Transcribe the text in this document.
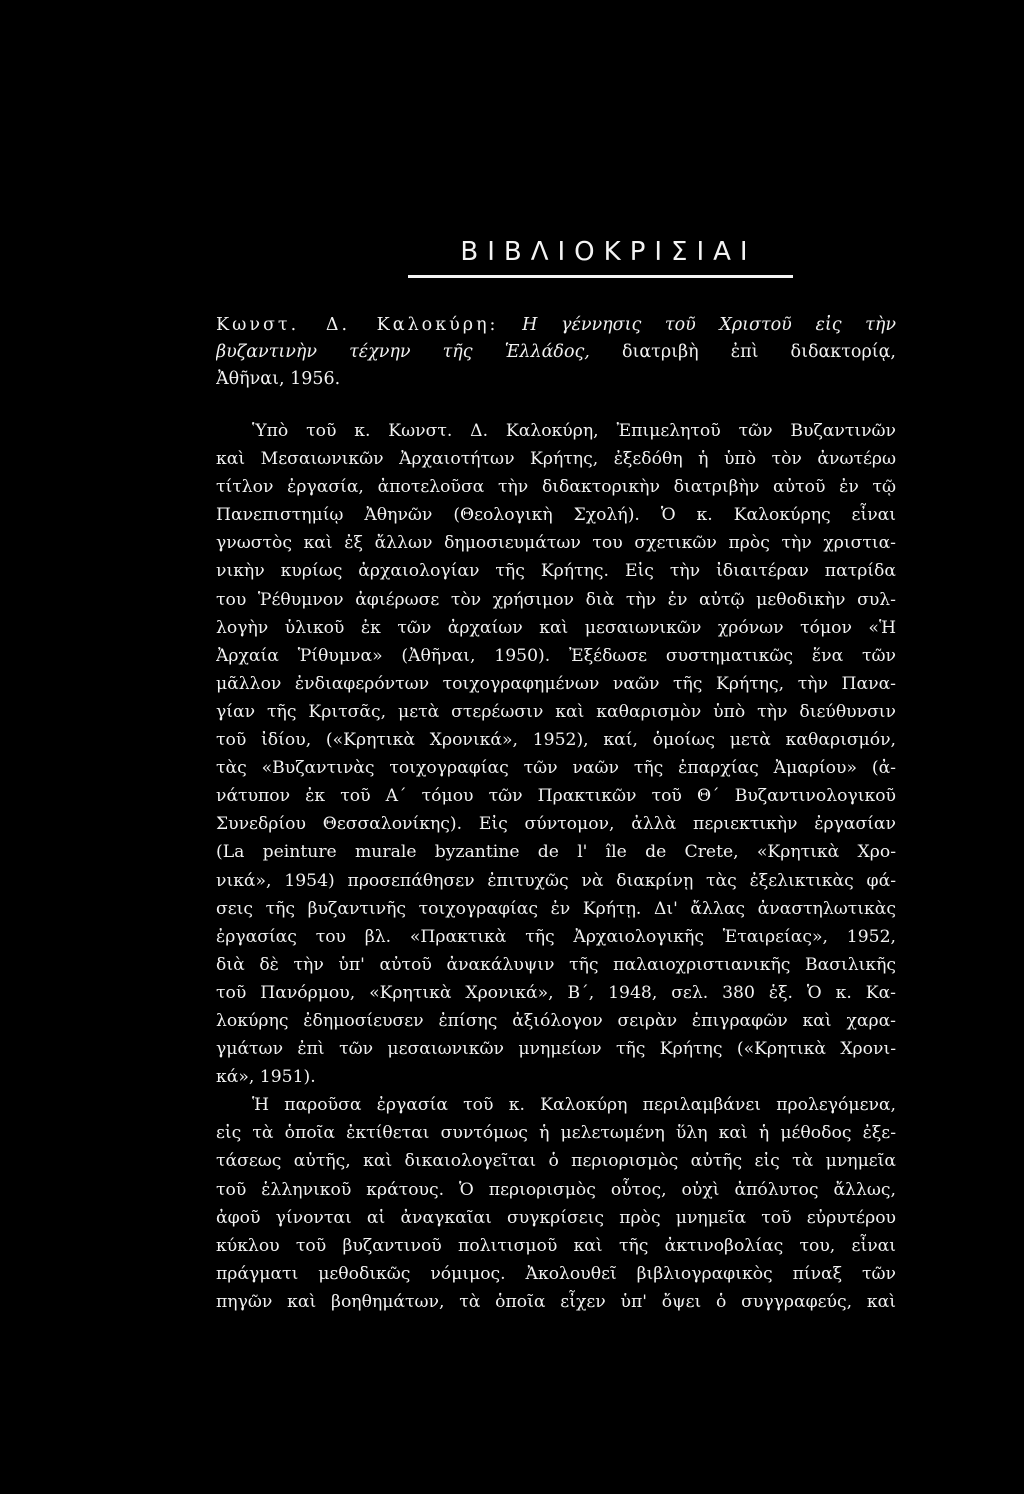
ΒΙΒΛΙΟΚΡΙΣΙΑΙ
Κωνστ. Δ. Καλοκύρη: Η γέννησις τοῦ Χριστοῦ εἰς τὴν
βυζαντινὴν τέχνην τῆς Ἑλλάδος, διατριβὴ ἐπὶ διδακτορίᾳ,
Ἀθῆναι, 1956.
Ὑπὸ τοῦ κ. Κωνστ. Δ. Καλοκύρη, Ἐπιμελητοῦ τῶν Βυζαντινῶν
καὶ Μεσαιωνικῶν Ἀρχαιοτήτων Κρήτης, ἐξεδόθη ἡ ὑπὸ τὸν ἀνωτέρω
τίτλον ἐργασία, ἀποτελοῦσα τὴν διδακτορικὴν διατριβὴν αὐτοῦ ἐν τῷ
Πανεπιστημίῳ Ἀθηνῶν (Θεολογικὴ Σχολή). Ὁ κ. Καλοκύρης εἶναι
γνωστὸς καὶ ἐξ ἄλλων δημοσιευμάτων του σχετικῶν πρὸς τὴν χριστια-
νικὴν κυρίως ἀρχαιολογίαν τῆς Κρήτης. Εἰς τὴν ἰδιαιτέραν πατρίδα
του Ῥέθυμνον ἀφιέρωσε τὸν χρήσιμον διὰ τὴν ἐν αὐτῷ μεθοδικὴν συλ-
λογὴν ὑλικοῦ ἐκ τῶν ἀρχαίων καὶ μεσαιωνικῶν χρόνων τόμον «Ἡ
Ἀρχαία Ῥίθυμνα» (Ἀθῆναι, 1950). Ἐξέδωσε συστηματικῶς ἕνα τῶν
μᾶλλον ἐνδιαφερόντων τοιχογραφημένων ναῶν τῆς Κρήτης, τὴν Πανα-
γίαν τῆς Κριτσᾶς, μετὰ στερέωσιν καὶ καθαρισμὸν ὑπὸ τὴν διεύθυνσιν
τοῦ ἰδίου, («Κρητικὰ Χρονικά», 1952), καί, ὁμοίως μετὰ καθαρισμόν,
τὰς «Βυζαντινὰς τοιχογραφίας τῶν ναῶν τῆς ἐπαρχίας Ἀμαρίου» (ἀ-
νάτυπον ἐκ τοῦ Α΄ τόμου τῶν Πρακτικῶν τοῦ Θ΄ Βυζαντινολογικοῦ
Συνεδρίου Θεσσαλονίκης). Εἰς σύντομον, ἀλλὰ περιεκτικὴν ἐργασίαν
(La peinture murale byzantine de l' île de Crete, «Κρητικὰ Χρο-
νικά», 1954) προσεπάθησεν ἐπιτυχῶς νὰ διακρίνῃ τὰς ἐξελικτικὰς φά-
σεις τῆς βυζαντινῆς τοιχογραφίας ἐν Κρήτῃ. Δι' ἄλλας ἀναστηλωτικὰς
ἐργασίας του βλ. «Πρακτικὰ τῆς Ἀρχαιολογικῆς Ἑταιρείας», 1952,
διὰ δὲ τὴν ὑπ' αὐτοῦ ἀνακάλυψιν τῆς παλαιοχριστιανικῆς Βασιλικῆς
τοῦ Πανόρμου, «Κρητικὰ Χρονικά», Β΄, 1948, σελ. 380 ἑξ. Ὁ κ. Κα-
λοκύρης ἐδημοσίευσεν ἐπίσης ἀξιόλογον σειρὰν ἐπιγραφῶν καὶ χαρα-
γμάτων ἐπὶ τῶν μεσαιωνικῶν μνημείων τῆς Κρήτης («Κρητικὰ Χρονι-
κά», 1951).
Ἡ παροῦσα ἐργασία τοῦ κ. Καλοκύρη περιλαμβάνει προλεγόμενα,
εἰς τὰ ὁποῖα ἐκτίθεται συντόμως ἡ μελετωμένη ὕλη καὶ ἡ μέθοδος ἐξε-
τάσεως αὐτῆς, καὶ δικαιολογεῖται ὁ περιορισμὸς αὐτῆς εἰς τὰ μνημεῖα
τοῦ ἑλληνικοῦ κράτους. Ὁ περιορισμὸς οὗτος, οὐχὶ ἀπόλυτος ἄλλως,
ἀφοῦ γίνονται αἱ ἀναγκαῖαι συγκρίσεις πρὸς μνημεῖα τοῦ εὐρυτέρου
κύκλου τοῦ βυζαντινοῦ πολιτισμοῦ καὶ τῆς ἀκτινοβολίας του, εἶναι
πράγματι μεθοδικῶς νόμιμος. Ἀκολουθεῖ βιβλιογραφικὸς πίναξ τῶν
πηγῶν καὶ βοηθημάτων, τὰ ὁποῖα εἶχεν ὑπ' ὄψει ὁ συγγραφεύς, καὶ
